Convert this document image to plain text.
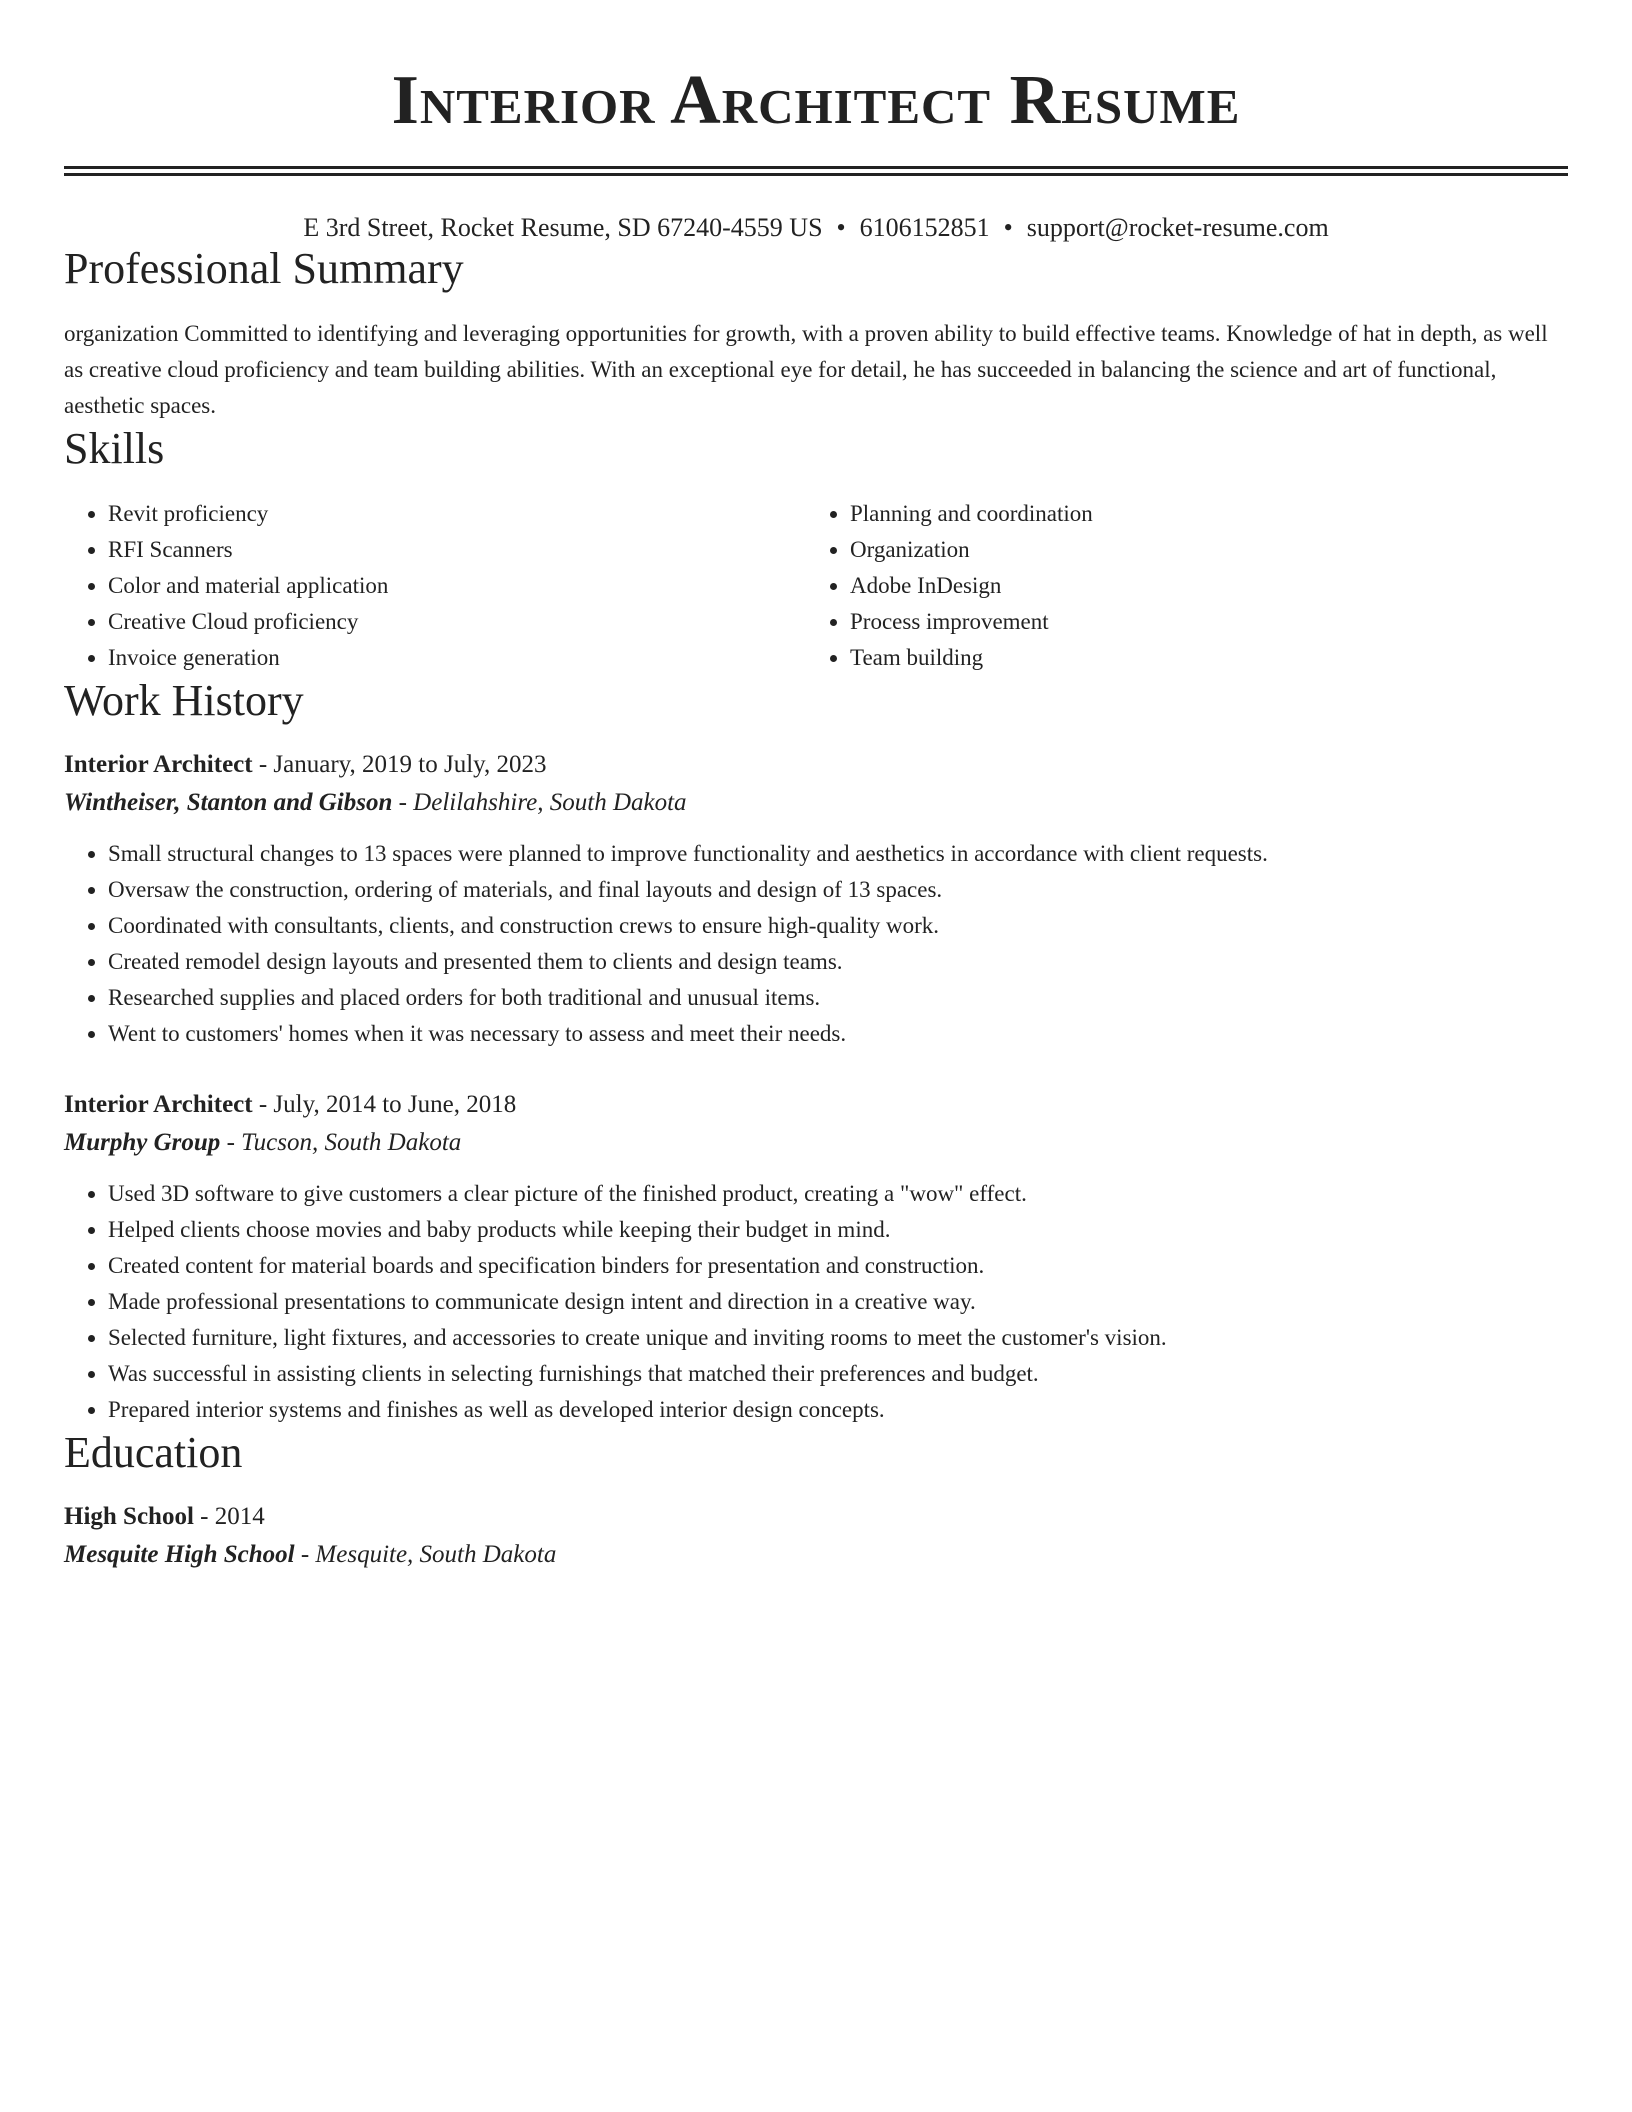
Interior Architect Resume
E 3rd Street, Rocket Resume, SD 67240-4559 US • 6106152851 • support@rocket-resume.com
Professional Summary

organization Committed to identifying and leveraging opportunities for growth, with a proven ability to build effective teams. Knowledge of hat in depth, as well as creative cloud proficiency and team building abilities. With an exceptional eye for detail, he has succeeded in balancing the science and art of functional, aesthetic spaces.

Skills
• Revit proficiency
• RFI Scanners
• Color and material application
• Creative Cloud proficiency
• Invoice generation
• Planning and coordination
• Organization
• Adobe InDesign
• Process improvement
• Team building
Work History
Interior Architect - January, 2019 to July, 2023
Wintheiser, Stanton and Gibson - Delilahshire, South Dakota
• Small structural changes to 13 spaces were planned to improve functionality and aesthetics in accordance with client requests.
• Oversaw the construction, ordering of materials, and final layouts and design of 13 spaces.
• Coordinated with consultants, clients, and construction crews to ensure high-quality work.
• Created remodel design layouts and presented them to clients and design teams.
• Researched supplies and placed orders for both traditional and unusual items.
• Went to customers' homes when it was necessary to assess and meet their needs.
Interior Architect - July, 2014 to June, 2018
Murphy Group - Tucson, South Dakota
• Used 3D software to give customers a clear picture of the finished product, creating a "wow" effect.
• Helped clients choose movies and baby products while keeping their budget in mind.
• Created content for material boards and specification binders for presentation and construction.
• Made professional presentations to communicate design intent and direction in a creative way.
• Selected furniture, light fixtures, and accessories to create unique and inviting rooms to meet the customer's vision.
• Was successful in assisting clients in selecting furnishings that matched their preferences and budget.
• Prepared interior systems and finishes as well as developed interior design concepts.
Education
High School - 2014
Mesquite High School - Mesquite, South Dakota
